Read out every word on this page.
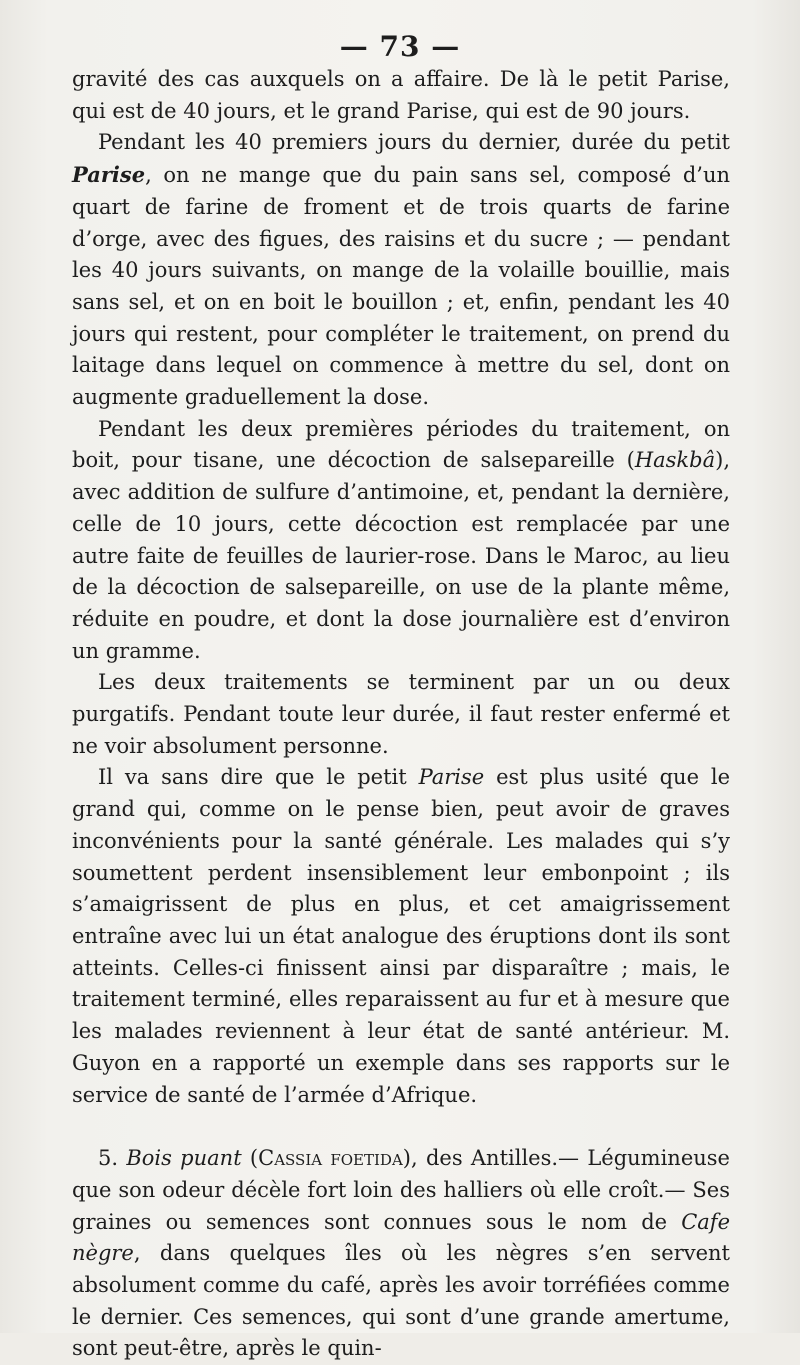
— 73 —

gravité des cas auxquels on a affaire. De là le petit Parise, qui est de 40 jours, et le grand Parise, qui est de 90 jours.

Pendant les 40 premiers jours du dernier, durée du petit Parise, on ne mange que du pain sans sel, composé d’un quart de farine de froment et de trois quarts de farine d’orge, avec des figues, des raisins et du sucre ; — pendant les 40 jours suivants, on mange de la volaille bouillie, mais sans sel, et on en boit le bouillon ; et, enfin, pendant les 40 jours qui restent, pour compléter le traitement, on prend du laitage dans lequel on commence à mettre du sel, dont on augmente graduellement la dose.

Pendant les deux premières périodes du traitement, on boit, pour tisane, une décoction de salsepareille (Haskbâ), avec addition de sulfure d’antimoine, et, pendant la dernière, celle de 10 jours, cette décoction est remplacée par une autre faite de feuilles de laurier-rose. Dans le Maroc, au lieu de la décoction de salsepareille, on use de la plante même, réduite en poudre, et dont la dose journalière est d’environ un gramme.

Les deux traitements se terminent par un ou deux purgatifs. Pendant toute leur durée, il faut rester enfermé et ne voir absolument personne.

Il va sans dire que le petit Parise est plus usité que le grand qui, comme on le pense bien, peut avoir de graves inconvénients pour la santé générale. Les malades qui s’y soumettent perdent insensiblement leur embonpoint ; ils s’amaigrissent de plus en plus, et cet amaigrissement entraîne avec lui un état analogue des éruptions dont ils sont atteints. Celles-ci finissent ainsi par disparaître ; mais, le traitement terminé, elles reparaissent au fur et à mesure que les malades reviennent à leur état de santé antérieur. M. Guyon en a rapporté un exemple dans ses rapports sur le service de santé de l’armée d’Afrique.

5. Bois puant (Cassia foetida), des Antilles.— Légumineuse que son odeur décèle fort loin des halliers où elle croît.— Ses graines ou semences sont connues sous le nom de Cafe nègre, dans quelques îles où les nègres s’en servent absolument comme du café, après les avoir torréfiées comme le dernier. Ces semences, qui sont d’une grande amertume, sont peut-être, après le quin-
